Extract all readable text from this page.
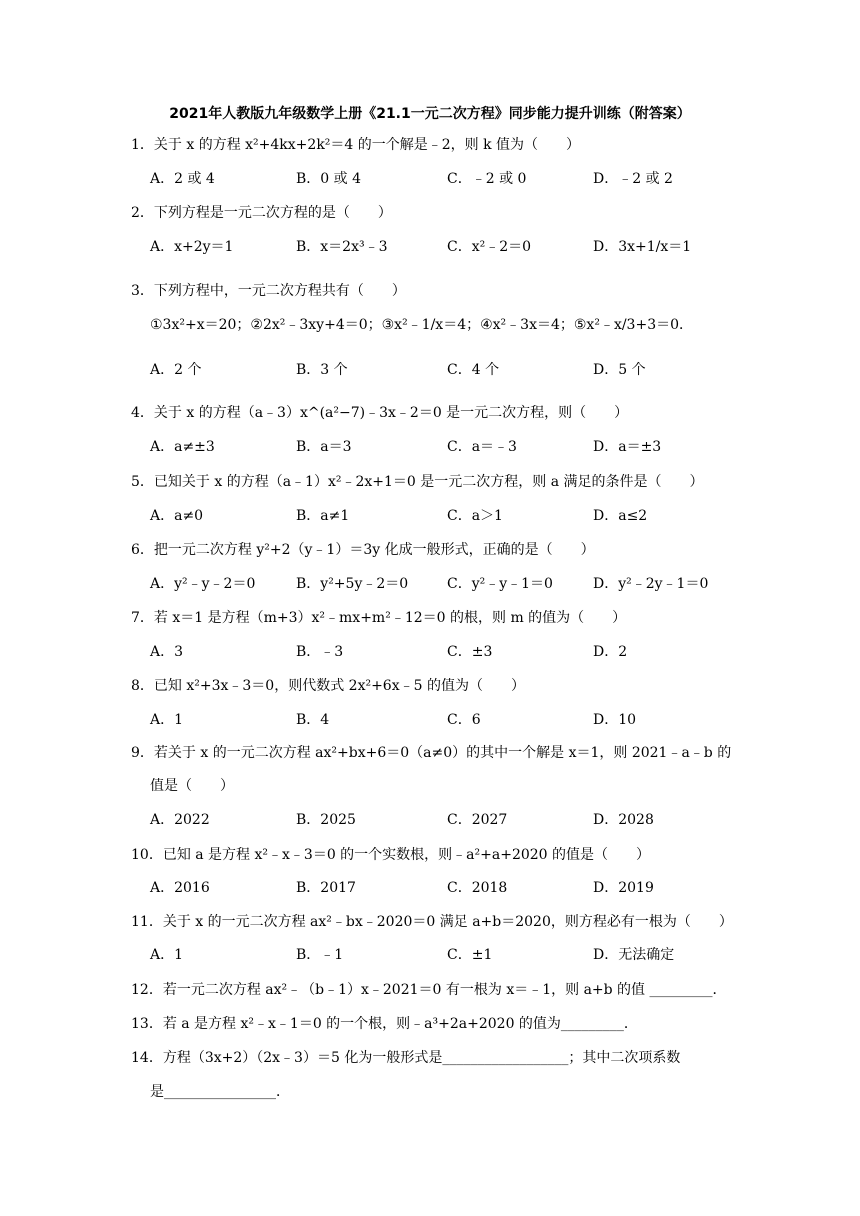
2021年人教版九年级数学上册《21.1一元二次方程》同步能力提升训练（附答案）
1．关于 x 的方程 x²+4kx+2k²＝4 的一个解是﹣2，则 k 值为（　　）
A．2 或 4	B．0 或 4	C．﹣2 或 0	D．﹣2 或 2
2．下列方程是一元二次方程的是（　　）
A．x+2y＝1	B．x＝2x³﹣3	C．x²﹣2＝0	D．3x+1/x＝1
3．下列方程中，一元二次方程共有（　　）
①3x²+x＝20；②2x²﹣3xy+4＝0；③x²﹣1/x＝4；④x²﹣3x＝4；⑤x²﹣x/3+3＝0．
A．2 个	B．3 个	C．4 个	D．5 个
4．关于 x 的方程（a﹣3）x^(a²−7)﹣3x﹣2＝0 是一元二次方程，则（　　）
A．a≠±3	B．a＝3	C．a＝﹣3	D．a＝±3
5．已知关于 x 的方程（a﹣1）x²﹣2x+1＝0 是一元二次方程，则 a 满足的条件是（　　）
A．a≠0	B．a≠1	C．a＞1	D．a≤2
6．把一元二次方程 y²+2（y﹣1）＝3y 化成一般形式，正确的是（　　）
A．y²﹣y﹣2＝0	B．y²+5y﹣2＝0	C．y²﹣y﹣1＝0	D．y²﹣2y﹣1＝0
7．若 x＝1 是方程（m+3）x²﹣mx+m²﹣12＝0 的根，则 m 的值为（　　）
A．3	B．﹣3	C．±3	D．2
8．已知 x²+3x﹣3＝0，则代数式 2x²+6x﹣5 的值为（　　）
A．1	B．4	C．6	D．10
9．若关于 x 的一元二次方程 ax²+bx+6＝0（a≠0）的其中一个解是 x＝1，则 2021﹣a﹣b 的
值是（　　）
A．2022	B．2025	C．2027	D．2028
10．已知 a 是方程 x²﹣x﹣3＝0 的一个实数根，则﹣a²+a+2020 的值是（　　）
A．2016	B．2017	C．2018	D．2019
11．关于 x 的一元二次方程 ax²﹣bx﹣2020＝0 满足 a+b＝2020，则方程必有一根为（　　）
A．1	B．﹣1	C．±1	D．无法确定
12．若一元二次方程 ax²﹣（b﹣1）x﹣2021＝0 有一根为 x＝﹣1，则 a+b 的值 _________．
13．若 a 是方程 x²﹣x﹣1＝0 的一个根，则﹣a³+2a+2020 的值为_________．
14．方程（3x+2）（2x﹣3）＝5 化为一般形式是__________________；其中二次项系数
是________________．
